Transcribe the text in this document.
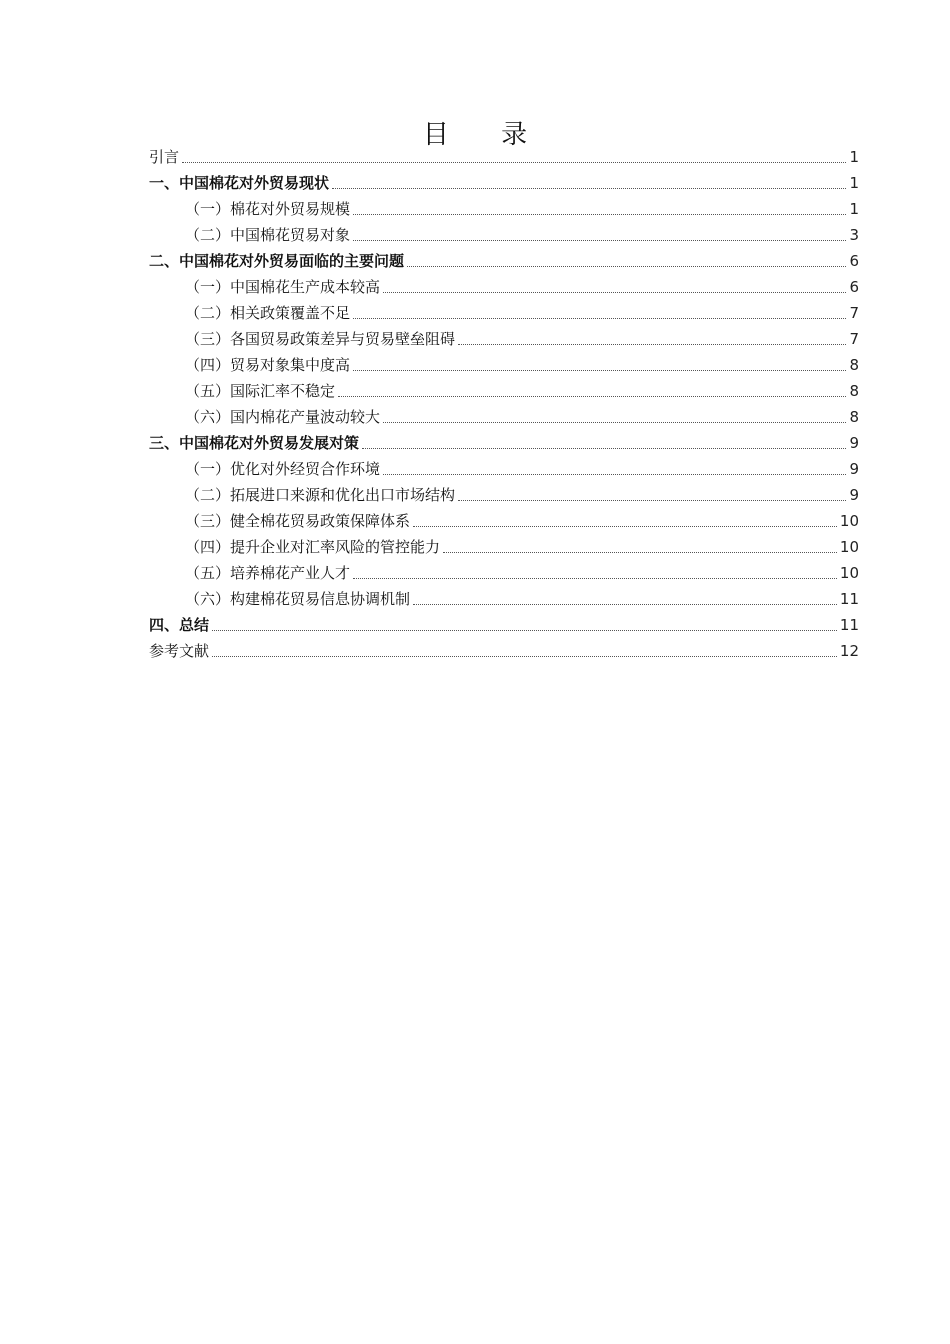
目 录
引言	1
一、中国棉花对外贸易现状	1
（一）棉花对外贸易规模	1
（二）中国棉花贸易对象	3
二、中国棉花对外贸易面临的主要问题	6
（一）中国棉花生产成本较高	6
（二）相关政策覆盖不足	7
（三）各国贸易政策差异与贸易壁垒阻碍	7
（四）贸易对象集中度高	8
（五）国际汇率不稳定	8
（六）国内棉花产量波动较大	8
三、中国棉花对外贸易发展对策	9
（一）优化对外经贸合作环境	9
（二）拓展进口来源和优化出口市场结构	9
（三）健全棉花贸易政策保障体系	10
（四）提升企业对汇率风险的管控能力	10
（五）培养棉花产业人才	10
（六）构建棉花贸易信息协调机制	11
四、总结	11
参考文献	12
